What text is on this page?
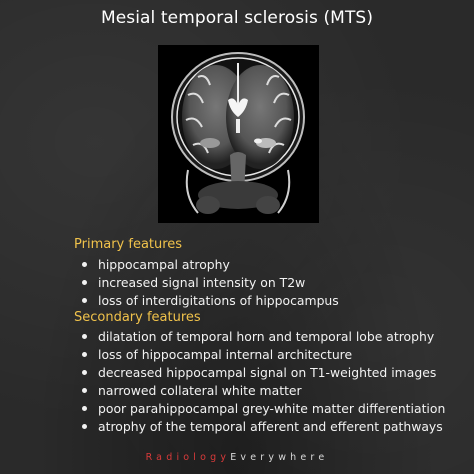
Mesial temporal sclerosis (MTS)
Primary features
hippocampal atrophy
increased signal intensity on T2w
loss of interdigitations of hippocampus
Secondary features
dilatation of temporal horn and temporal lobe atrophy
loss of hippocampal internal architecture
decreased hippocampal signal on T1-weighted images
narrowed collateral white matter
poor parahippocampal grey-white matter differentiation
atrophy of the temporal afferent and efferent pathways
RadiologyEverywhere
